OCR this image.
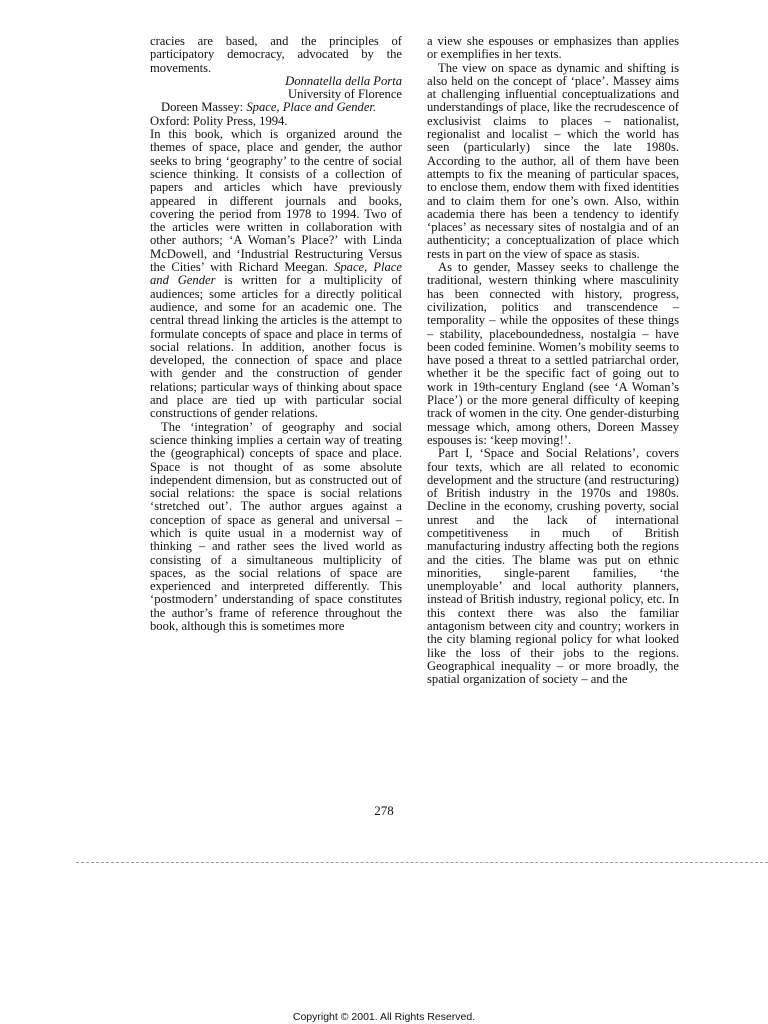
cracies are based, and the principles of participatory democracy, advocated by the movements.

Donnatella della Porta

University of Florence

Doreen Massey: Space, Place and Gender.
Oxford: Polity Press, 1994.

In this book, which is organized around the themes of space, place and gender, the author seeks to bring ‘geography’ to the centre of social science thinking. It consists of a collection of papers and articles which have previously appeared in different journals and books, covering the period from 1978 to 1994. Two of the articles were written in collaboration with other authors; ‘A Woman’s Place?’ with Linda McDowell, and ‘Industrial Restructuring Versus the Cities’ with Richard Meegan. Space, Place and Gender is written for a multiplicity of audiences; some articles for a directly political audience, and some for an academic one. The central thread linking the articles is the attempt to formulate concepts of space and place in terms of social relations. In addition, another focus is developed, the connection of space and place with gender and the construction of gender relations; particular ways of thinking about space and place are tied up with particular social constructions of gender relations.

The ‘integration’ of geography and social science thinking implies a certain way of treating the (geographical) concepts of space and place. Space is not thought of as some absolute independent dimension, but as constructed out of social relations: the space is social relations ‘stretched out’. The author argues against a conception of space as general and universal – which is quite usual in a modernist way of thinking – and rather sees the lived world as consisting of a simultaneous multiplicity of spaces, as the social relations of space are experienced and interpreted differently. This ‘postmodern’ understanding of space constitutes the author’s frame of reference throughout the book, although this is sometimes more

a view she espouses or emphasizes than applies or exemplifies in her texts.

The view on space as dynamic and shifting is also held on the concept of ‘place’. Massey aims at challenging influential conceptualizations and understandings of place, like the recrudescence of exclusivist claims to places – nationalist, regionalist and localist – which the world has seen (particularly) since the late 1980s. According to the author, all of them have been attempts to fix the meaning of particular spaces, to enclose them, endow them with fixed identities and to claim them for one’s own. Also, within academia there has been a tendency to identify ‘places’ as necessary sites of nostalgia and of an authenticity; a conceptualization of place which rests in part on the view of space as stasis.

As to gender, Massey seeks to challenge the traditional, western thinking where masculinity has been connected with history, progress, civilization, politics and transcendence – temporality – while the opposites of these things – stability, placeboundedness, nostalgia – have been coded feminine. Women’s mobility seems to have posed a threat to a settled patriarchal order, whether it be the specific fact of going out to work in 19th-century England (see ‘A Woman’s Place’) or the more general difficulty of keeping track of women in the city. One gender-disturbing message which, among others, Doreen Massey espouses is: ‘keep moving!’.

Part I, ‘Space and Social Relations’, covers four texts, which are all related to economic development and the structure (and restructuring) of British industry in the 1970s and 1980s. Decline in the economy, crushing poverty, social unrest and the lack of international competitiveness in much of British manufacturing industry affecting both the regions and the cities. The blame was put on ethnic minorities, single-parent families, ‘the unemployable’ and local authority planners, instead of British industry, regional policy, etc. In this context there was also the familiar antagonism between city and country; workers in the city blaming regional policy for what looked like the loss of their jobs to the regions. Geographical inequality – or more broadly, the spatial organization of society – and the

278
Copyright © 2001. All Rights Reserved.
